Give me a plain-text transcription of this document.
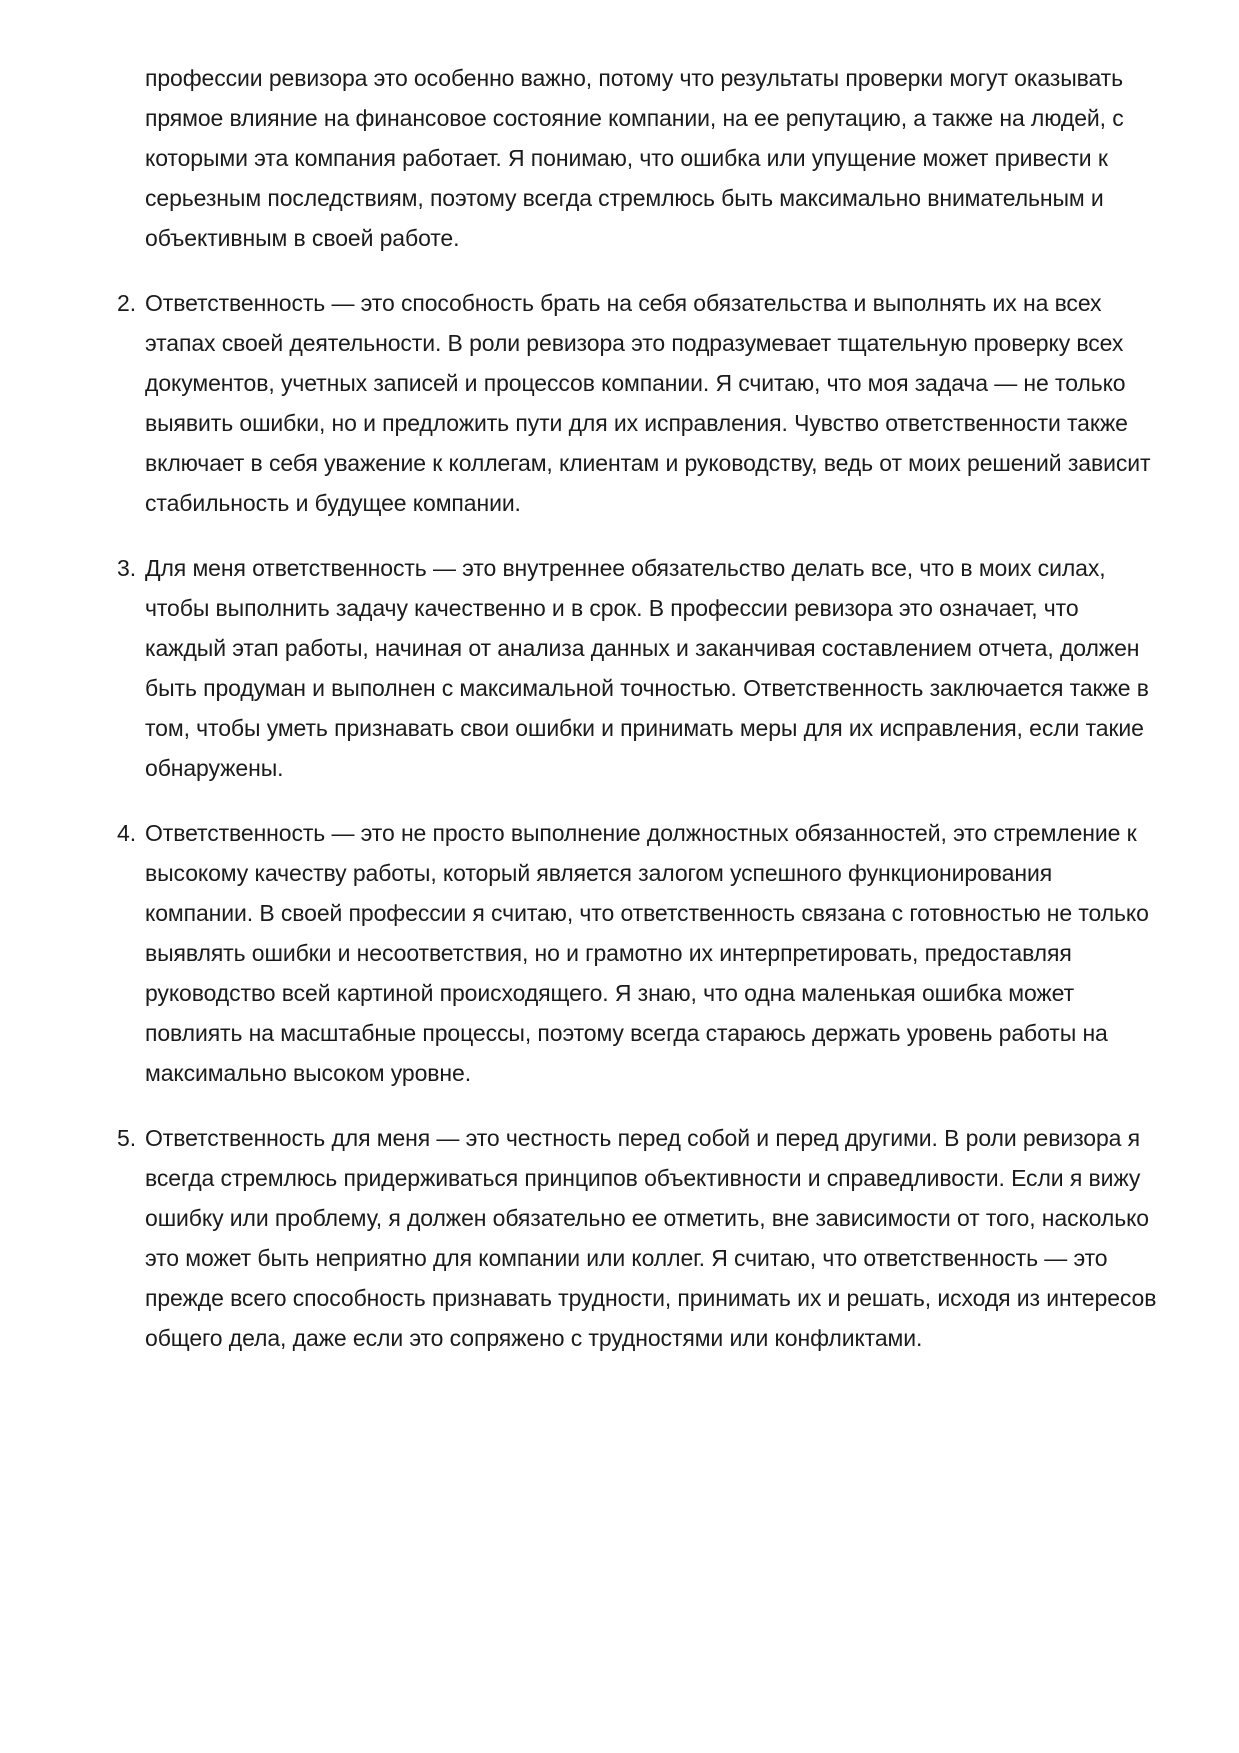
профессии ревизора это особенно важно, потому что результаты проверки могут оказывать прямое влияние на финансовое состояние компании, на ее репутацию, а также на людей, с которыми эта компания работает. Я понимаю, что ошибка или упущение может привести к серьезным последствиям, поэтому всегда стремлюсь быть максимально внимательным и объективным в своей работе.

2. Ответственность — это способность брать на себя обязательства и выполнять их на всех этапах своей деятельности. В роли ревизора это подразумевает тщательную проверку всех документов, учетных записей и процессов компании. Я считаю, что моя задача — не только выявить ошибки, но и предложить пути для их исправления. Чувство ответственности также включает в себя уважение к коллегам, клиентам и руководству, ведь от моих решений зависит стабильность и будущее компании.
3. Для меня ответственность — это внутреннее обязательство делать все, что в моих силах, чтобы выполнить задачу качественно и в срок. В профессии ревизора это означает, что каждый этап работы, начиная от анализа данных и заканчивая составлением отчета, должен быть продуман и выполнен с максимальной точностью. Ответственность заключается также в том, чтобы уметь признавать свои ошибки и принимать меры для их исправления, если такие обнаружены.
4. Ответственность — это не просто выполнение должностных обязанностей, это стремление к высокому качеству работы, который является залогом успешного функционирования компании. В своей профессии я считаю, что ответственность связана с готовностью не только выявлять ошибки и несоответствия, но и грамотно их интерпретировать, предоставляя руководство всей картиной происходящего. Я знаю, что одна маленькая ошибка может повлиять на масштабные процессы, поэтому всегда стараюсь держать уровень работы на максимально высоком уровне.
5. Ответственность для меня — это честность перед собой и перед другими. В роли ревизора я всегда стремлюсь придерживаться принципов объективности и справедливости. Если я вижу ошибку или проблему, я должен обязательно ее отметить, вне зависимости от того, насколько это может быть неприятно для компании или коллег. Я считаю, что ответственность — это прежде всего способность признавать трудности, принимать их и решать, исходя из интересов общего дела, даже если это сопряжено с трудностями или конфликтами.
